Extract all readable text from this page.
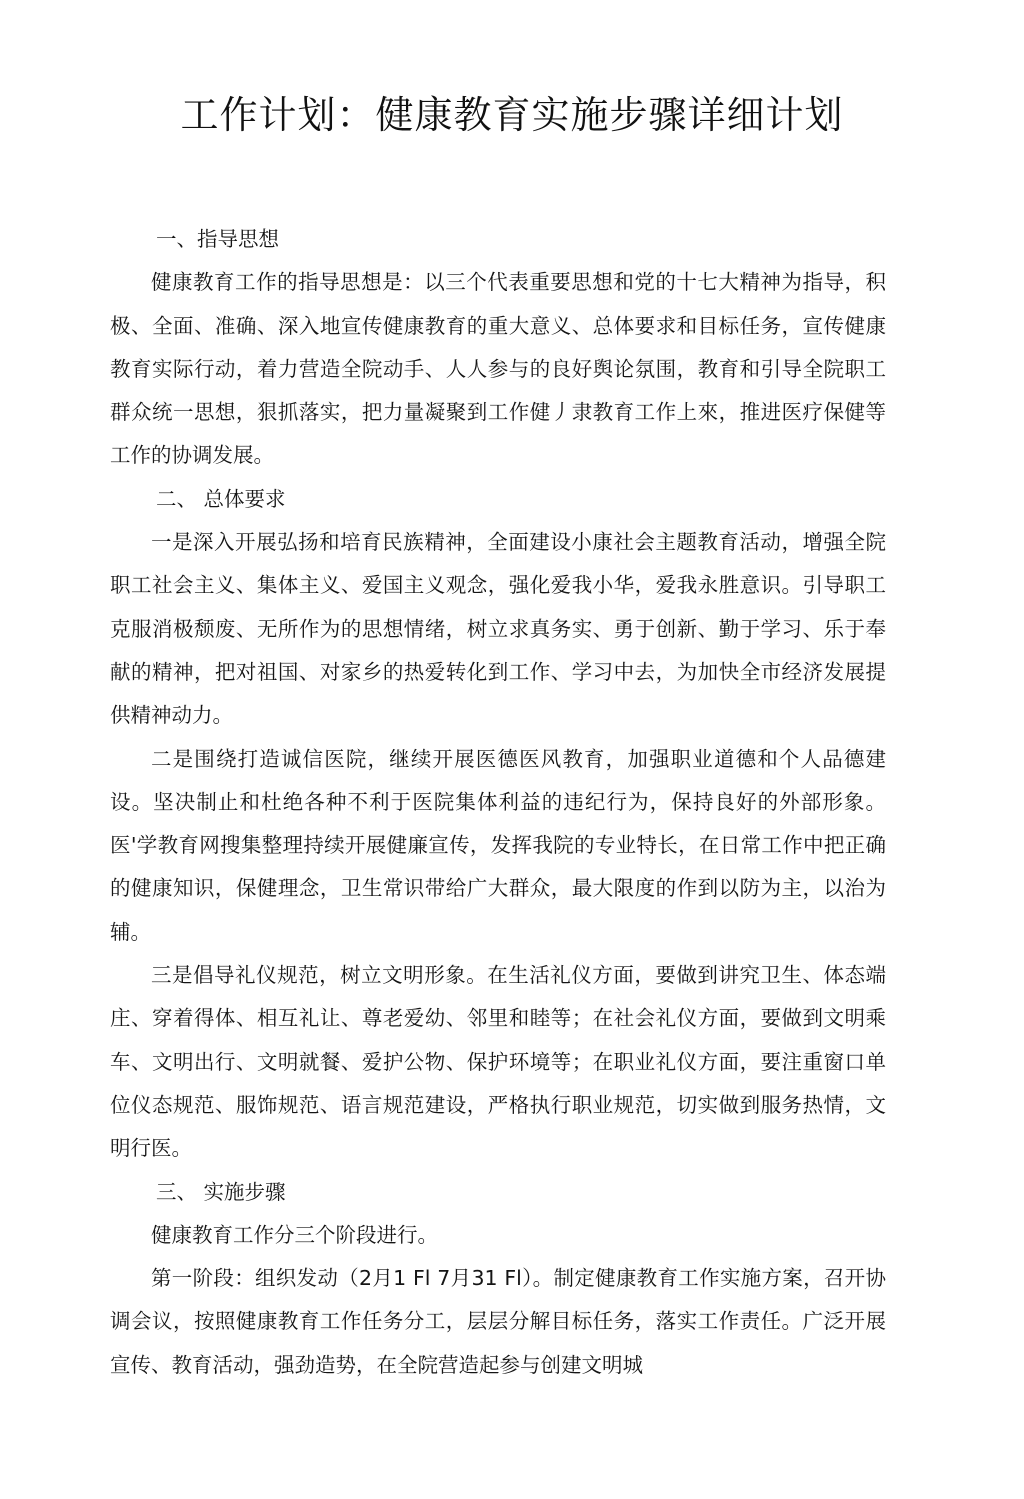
工作计划：健康教育实施步骤详细计划

一、指导思想

健康教育工作的指导思想是：以三个代表重要思想和党的十七大精神为指导，积极、全面、准确、深入地宣传健康教育的重大意义、总体要求和目标任务，宣传健康教育实际行动，着力营造全院动手、人人参与的良好舆论氛围，教育和引导全院职工群众统一思想，狠抓落实，把力量凝聚到工作健丿隶教育工作上來，推进医疗保健等工作的协调发展。

二、 总体要求

一是深入开展弘扬和培育民族精神，全面建设小康社会主题教育活动，增强全院职工社会主义、集体主义、爱国主义观念，强化爱我小华，爱我永胜意识。引导职工克服消极颓废、无所作为的思想情绪，树立求真务实、勇于创新、勤于学习、乐于奉献的精神，把对祖国、对家乡的热爱转化到工作、学习中去，为加快全市经济发展提供精神动力。

二是围绕打造诚信医院，继续开展医德医风教育，加强职业道德和个人品德建设。坚决制止和杜绝各种不利于医院集体利益的违纪行为，保持良好的外部形象。医'学教育网搜集整理持续开展健廉宣传，发挥我院的专业特长，在日常工作中把正确的健康知识，保健理念，卫生常识带给广大群众，最大限度的作到以防为主，以治为辅。

三是倡导礼仪规范，树立文明形象。在生活礼仪方面，要做到讲究卫生、体态端庄、穿着得体、相互礼让、尊老爱幼、邻里和睦等；在社会礼仪方面，要做到文明乘车、文明出行、文明就餐、爱护公物、保护环境等；在职业礼仪方面，要注重窗口单位仪态规范、服饰规范、语言规范建设，严格执行职业规范，切实做到服务热情，文明行医。

三、 实施步骤

健康教育工作分三个阶段进行。

第一阶段：组织发动（2月1 Fl 7月31 Fl）。制定健康教育工作实施方案，召开协调会议，按照健康教育工作任务分工，层层分解目标任务，落实工作责任。广泛开展宣传、教育活动，强劲造势，在全院营造起参与创建文明城
